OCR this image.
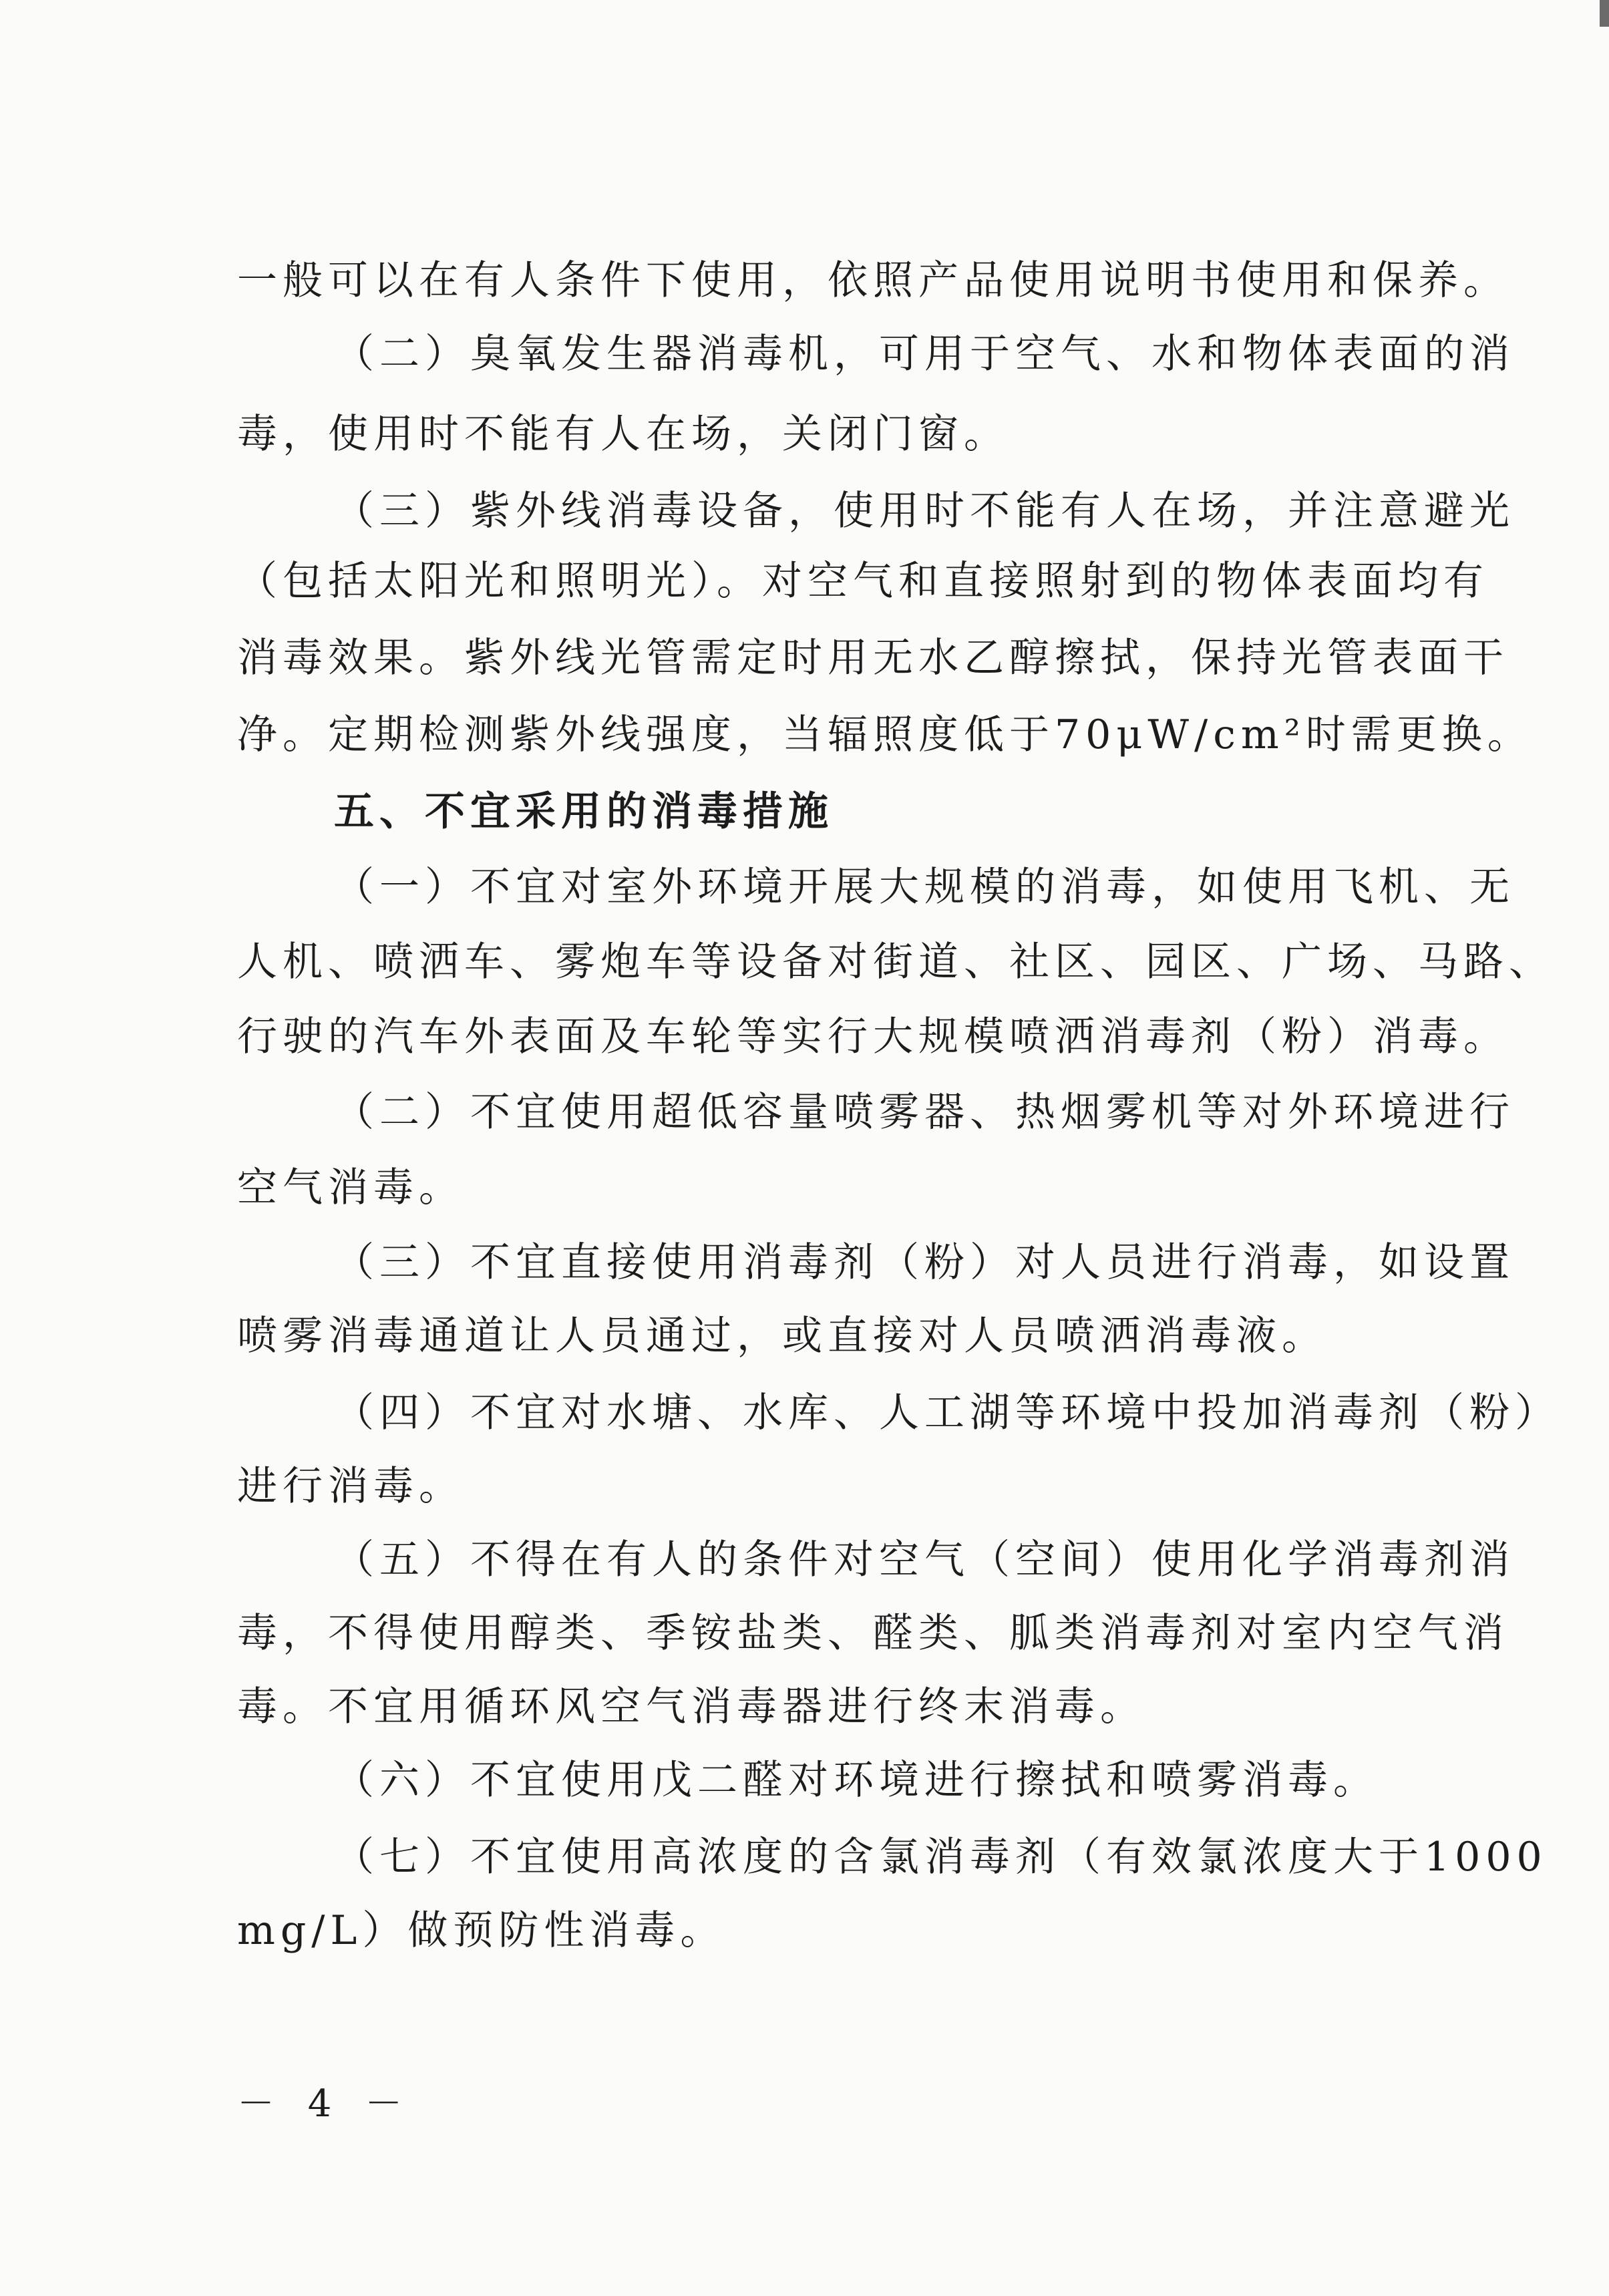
一般可以在有人条件下使用，依照产品使用说明书使用和保养。
（二）臭氧发生器消毒机，可用于空气、水和物体表面的消
毒，使用时不能有人在场，关闭门窗。
（三）紫外线消毒设备，使用时不能有人在场，并注意避光
（包括太阳光和照明光）。对空气和直接照射到的物体表面均有
消毒效果。紫外线光管需定时用无水乙醇擦拭，保持光管表面干
净。定期检测紫外线强度，当辐照度低于70μW/cm²时需更换。
五、不宜采用的消毒措施
（一）不宜对室外环境开展大规模的消毒，如使用飞机、无
人机、喷洒车、雾炮车等设备对街道、社区、园区、广场、马路、
行驶的汽车外表面及车轮等实行大规模喷洒消毒剂（粉）消毒。
（二）不宜使用超低容量喷雾器、热烟雾机等对外环境进行
空气消毒。
（三）不宜直接使用消毒剂（粉）对人员进行消毒，如设置
喷雾消毒通道让人员通过，或直接对人员喷洒消毒液。
（四）不宜对水塘、水库、人工湖等环境中投加消毒剂（粉）
进行消毒。
（五）不得在有人的条件对空气（空间）使用化学消毒剂消
毒，不得使用醇类、季铵盐类、醛类、胍类消毒剂对室内空气消
毒。不宜用循环风空气消毒器进行终末消毒。
（六）不宜使用戊二醛对环境进行擦拭和喷雾消毒。
（七）不宜使用高浓度的含氯消毒剂（有效氯浓度大于1000
mg/L）做预防性消毒。
－ 4 －
